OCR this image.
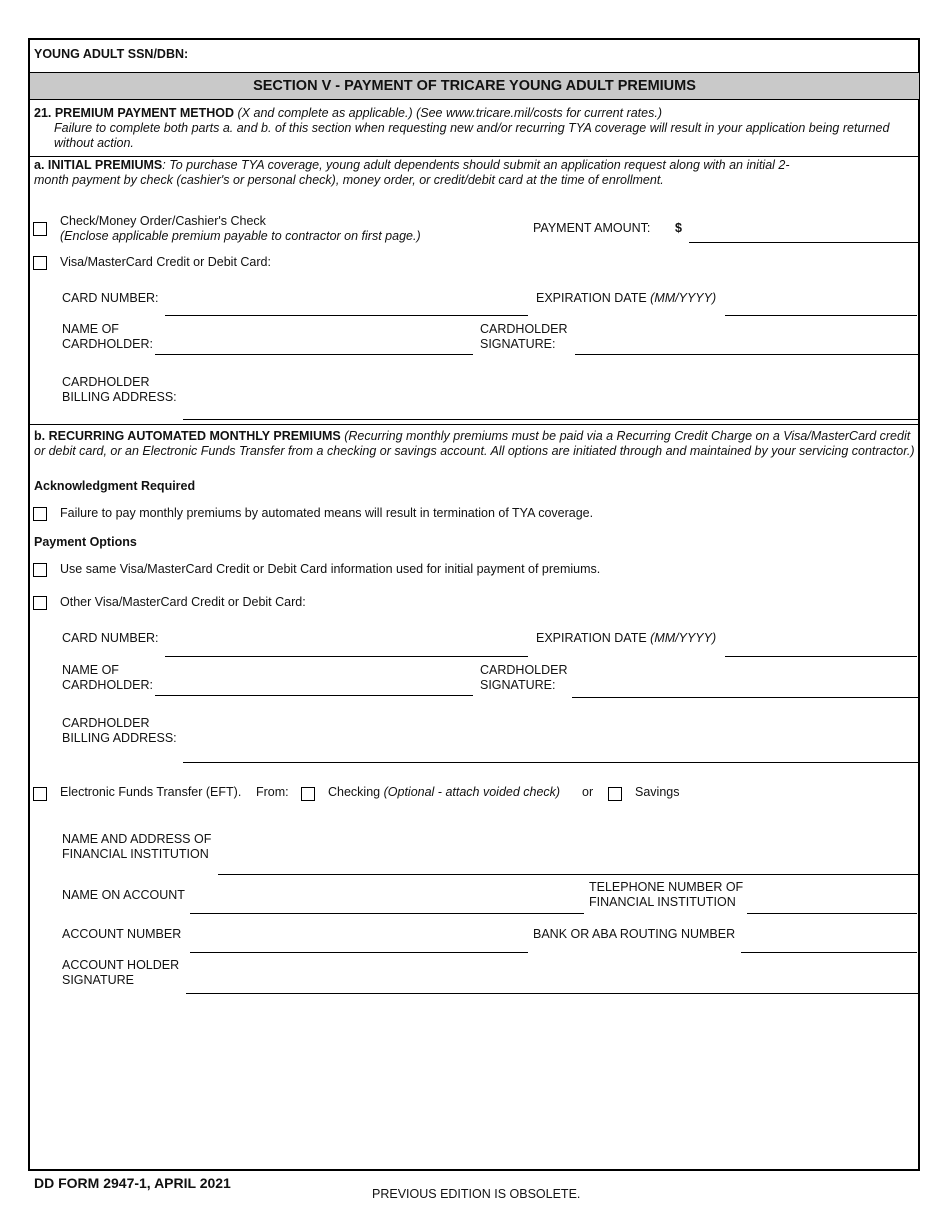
YOUNG ADULT SSN/DBN:
SECTION V - PAYMENT OF TRICARE YOUNG ADULT PREMIUMS
21. PREMIUM PAYMENT METHOD (X and complete as applicable.) (See www.tricare.mil/costs for current rates.)
Failure to complete both parts a. and b. of this section when requesting new and/or recurring TYA coverage will result in your application being returned without action.
a. INITIAL PREMIUMS: To purchase TYA coverage, young adult dependents should submit an application request along with an initial 2-
month payment by check (cashier's or personal check), money order, or credit/debit card at the time of enrollment.
Check/Money Order/Cashier's Check
(Enclose applicable premium payable to contractor on first page.)
PAYMENT AMOUNT: $
Visa/MasterCard Credit or Debit Card:
CARD NUMBER:	EXPIRATION DATE (MM/YYYY)
NAME OF
CARDHOLDER:
CARDHOLDER
SIGNATURE:
CARDHOLDER
BILLING ADDRESS:
b. RECURRING AUTOMATED MONTHLY PREMIUMS (Recurring monthly premiums must be paid via a Recurring Credit Charge on a Visa/MasterCard credit
or debit card, or an Electronic Funds Transfer from a checking or savings account. All options are initiated through and maintained by your servicing contractor.)
Acknowledgment Required
Failure to pay monthly premiums by automated means will result in termination of TYA coverage.
Payment Options
Use same Visa/MasterCard Credit or Debit Card information used for initial payment of premiums.
Other Visa/MasterCard Credit or Debit Card:
CARD NUMBER:	EXPIRATION DATE (MM/YYYY)
NAME OF
CARDHOLDER:
CARDHOLDER
SIGNATURE:
CARDHOLDER
BILLING ADDRESS:
Electronic Funds Transfer (EFT). From:	Checking (Optional - attach voided check) or	Savings
NAME AND ADDRESS OF
FINANCIAL INSTITUTION
NAME ON ACCOUNT
TELEPHONE NUMBER OF
FINANCIAL INSTITUTION
ACCOUNT NUMBER	BANK OR ABA ROUTING NUMBER
ACCOUNT HOLDER
SIGNATURE
DD FORM 2947-1, APRIL 2021
PREVIOUS EDITION IS OBSOLETE.
